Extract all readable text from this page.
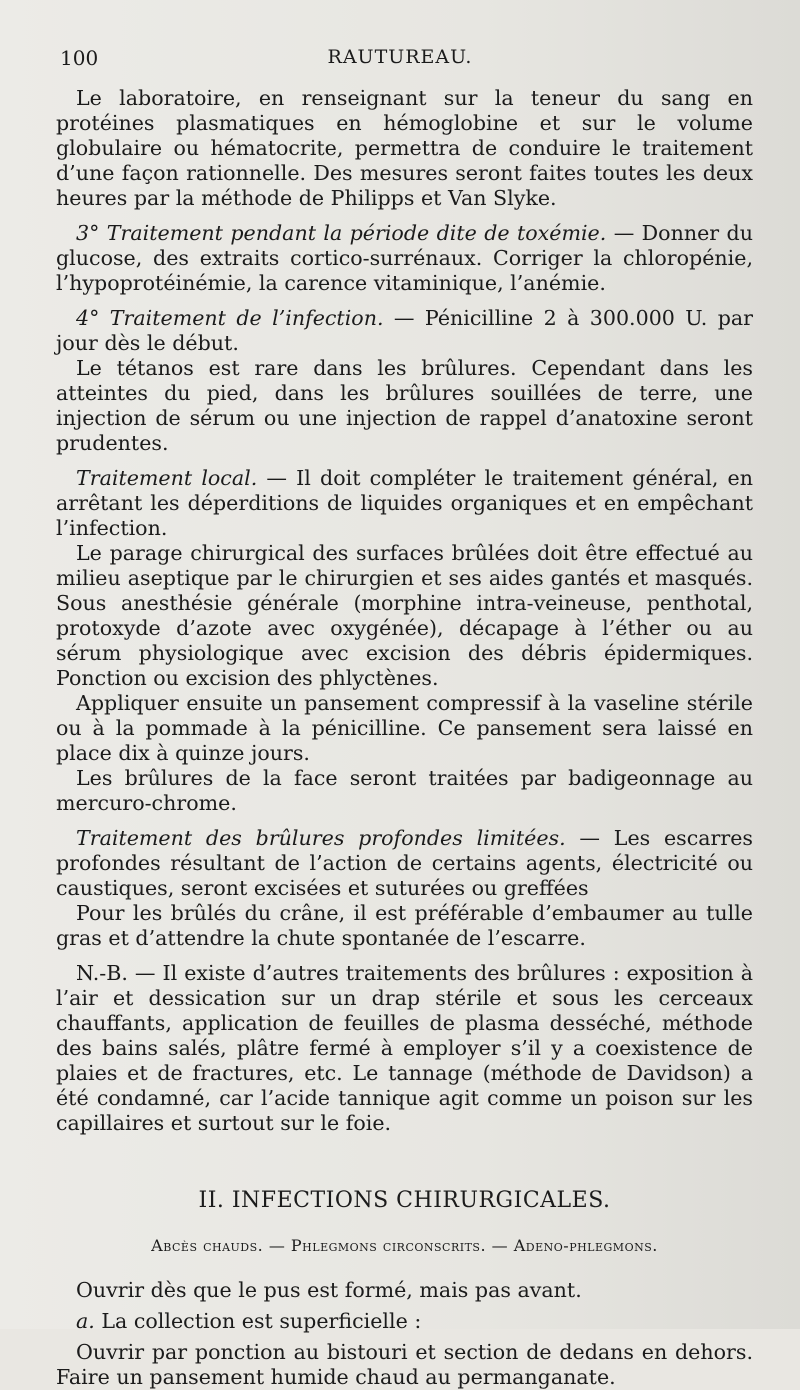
100	RAUTUREAU.

Le laboratoire, en renseignant sur la teneur du sang en protéines plasmatiques en hémoglobine et sur le volume globulaire ou hématocrite, permettra de conduire le traitement d’une façon rationnelle. Des mesures seront faites toutes les deux heures par la méthode de Philipps et Van Slyke.

3° Traitement pendant la période dite de toxémie. — Donner du glucose, des extraits cortico-surrénaux. Corriger la chloropénie, l’hypoprotéinémie, la carence vitaminique, l’anémie.

4° Traitement de l’infection. — Pénicilline 2 à 300.000 U. par jour dès le début.

Le tétanos est rare dans les brûlures. Cependant dans les atteintes du pied, dans les brûlures souillées de terre, une injection de sérum ou une injection de rappel d’anatoxine seront prudentes.

Traitement local. — Il doit compléter le traitement général, en arrêtant les déperditions de liquides organiques et en empêchant l’infection.

Le parage chirurgical des surfaces brûlées doit être effectué au milieu aseptique par le chirurgien et ses aides gantés et masqués. Sous anesthésie générale (morphine intra-veineuse, penthotal, protoxyde d’azote avec oxygénée), décapage à l’éther ou au sérum physiologique avec excision des débris épidermiques. Ponction ou excision des phlyctènes.

Appliquer ensuite un pansement compressif à la vaseline stérile ou à la pommade à la pénicilline. Ce pansement sera laissé en place dix à quinze jours.

Les brûlures de la face seront traitées par badigeonnage au mercuro-chrome.

Traitement des brûlures profondes limitées. — Les escarres profondes résultant de l’action de certains agents, électricité ou caustiques, seront excisées et suturées ou greffées

Pour les brûlés du crâne, il est préférable d’embaumer au tulle gras et d’attendre la chute spontanée de l’escarre.

N.-B. — Il existe d’autres traitements des brûlures : exposition à l’air et dessication sur un drap stérile et sous les cerceaux chauffants, application de feuilles de plasma desséché, méthode des bains salés, plâtre fermé à employer s’il y a coexistence de plaies et de fractures, etc. Le tannage (méthode de Davidson) a été condamné, car l’acide tannique agit comme un poison sur les capillaires et surtout sur le foie.

II. INFECTIONS CHIRURGICALES.
Abcès chauds. — Phlegmons circonscrits. — Adeno-phlegmons.

Ouvrir dès que le pus est formé, mais pas avant.

a. La collection est superficielle :

Ouvrir par ponction au bistouri et section de dedans en dehors. Faire un pansement humide chaud au permanganate.
